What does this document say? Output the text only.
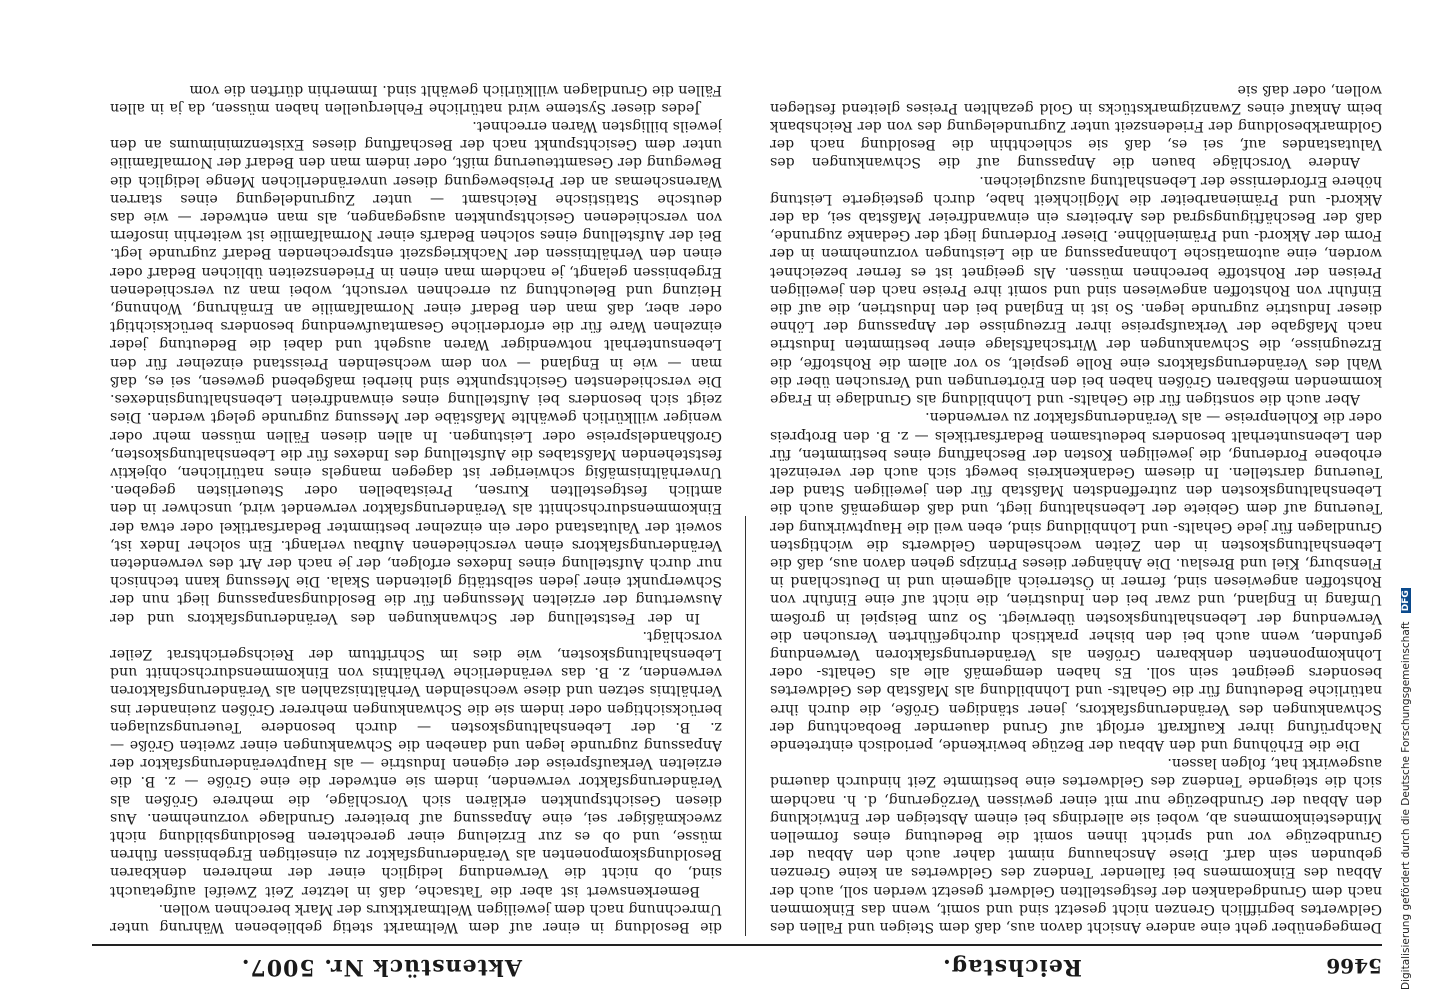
5466
Reichstag.
Aktenstück Nr. 5007.

Demgegenüber geht eine andere Ansicht davon aus, daß dem Steigen und Fallen des Geldwertes begrifflich Grenzen nicht gesetzt sind und somit, wenn das Einkommen nach dem Grundgedanken der festgestellten Geldwert gesetzt werden soll, auch der Abbau des Einkommens bei fallender Tendenz des Geldwertes an keine Grenzen gebunden sein darf. Diese Anschauung nimmt daher auch den Abbau der Grundbezüge vor und spricht ihnen somit die Bedeutung eines formellen Mindesteinkommens ab, wobei sie allerdings bei einem Absteigen der Entwicklung den Abbau der Grundbezüge nur mit einer gewissen Verzögerung, d. h. nachdem sich die steigende Tendenz des Geldwertes eine bestimmte Zeit hindurch dauernd ausgewirkt hat, folgen lassen.

Die die Erhöhung und den Abbau der Bezüge bewirkende, periodisch eintretende Nachprüfung ihrer Kaufkraft erfolgt auf Grund dauernder Beobachtung der Schwankungen des Veränderungsfaktors, jener ständigen Größe, die durch ihre natürliche Bedeutung für die Gehalts- und Lohnbildung als Maßstab des Geldwertes besonders geeignet sein soll. Es haben demgemäß alle als Gehalts- oder Lohnkomponenten denkbaren Größen als Veränderungsfaktoren Verwendung gefunden, wenn auch bei den bisher praktisch durchgeführten Versuchen die Verwendung der Lebenshaltungskosten überwiegt. So zum Beispiel in großem Umfang in England, und zwar bei den Industrien, die nicht auf eine Einfuhr von Rohstoffen angewiesen sind, ferner in Österreich allgemein und in Deutschland in Flensburg, Kiel und Breslau. Die Anhänger dieses Prinzips gehen davon aus, daß die Lebenshaltungskosten in den Zeiten wechselnden Geldwerts die wichtigsten Grundlagen für jede Gehalts- und Lohnbildung sind, eben weil die Hauptwirkung der Teuerung auf dem Gebiete der Lebenshaltung liegt, und daß demgemäß auch die Lebenshaltungskosten den zutreffendsten Maßstab für den jeweiligen Stand der Teuerung darstellen. In diesem Gedankenkreis bewegt sich auch der vereinzelt erhobene Forderung, die jeweiligen Kosten der Beschaffung eines bestimmten, für den Lebensunterhalt besonders bedeutsamen Bedarfsartikels — z. B. den Brotpreis oder die Kohlenpreise — als Veränderungsfaktor zu verwenden.

Aber auch die sonstigen für die Gehalts- und Lohnbildung als Grundlage in Frage kommenden meßbaren Größen haben bei den Erörterungen und Versuchen über die Wahl des Veränderungsfaktors eine Rolle gespielt, so vor allem die Rohstoffe, die Erzeugnisse, die Schwankungen der Wirtschaftslage einer bestimmten Industrie nach Maßgabe der Verkaufspreise ihrer Erzeugnisse der Anpassung der Löhne dieser Industrie zugrunde legen. So ist in England bei den Industrien, die auf die Einfuhr von Rohstoffen angewiesen sind und somit ihre Preise nach den jeweiligen Preisen der Rohstoffe berechnen müssen. Als geeignet ist es ferner bezeichnet worden, eine automatische Lohnanpassung an die Leistungen vorzunehmen in der Form der Akkord- und Prämienlöhne. Dieser Forderung liegt der Gedanke zugrunde, daß der Beschäftigungsgrad des Arbeiters ein einwandfreier Maßstab sei, da der Akkord- und Prämienarbeiter die Möglichkeit habe, durch gesteigerte Leistung höhere Erfordernisse der Lebenshaltung auszugleichen.

Andere Vorschläge bauen die Anpassung auf die Schwankungen des Valutastandes auf, sei es, daß sie schlechthin die Besoldung nach der Goldmarkbesoldung der Friedenszeit unter Zugrundelegung des von der Reichsbank beim Ankauf eines Zwanzigmarkstücks in Gold gezahlten Preises gleitend festlegen wollen, oder daß sie

die Besoldung in einer auf dem Weltmarkt stetig gebliebenen Währung unter Umrechnung nach dem jeweiligen Weltmarktkurs der Mark berechnen wollen.

Bemerkenswert ist aber die Tatsache, daß in letzter Zeit Zweifel aufgetaucht sind, ob nicht die Verwendung lediglich einer der mehreren denkbaren Besoldungskomponenten als Veränderungsfaktor zu einseitigen Ergebnissen führen müsse, und ob es zur Erzielung einer gerechteren Besoldungsbildung nicht zweckmäßiger sei, eine Anpassung auf breiterer Grundlage vorzunehmen. Aus diesen Gesichtspunkten erklären sich Vorschläge, die mehrere Größen als Veränderungsfaktor verwenden, indem sie entweder die eine Größe — z. B. die erzielten Verkaufspreise der eigenen Industrie — als Hauptveränderungsfaktor der Anpassung zugrunde legen und daneben die Schwankungen einer zweiten Größe — z. B. der Lebenshaltungskosten — durch besondere Teuerungszulagen berücksichtigen oder indem sie die Schwankungen mehrerer Größen zueinander ins Verhältnis setzen und diese wechselnden Verhältniszahlen als Veränderungsfaktoren verwenden, z. B. das veränderliche Verhältnis von Einkommensdurchschnitt und Lebenshaltungskosten, wie dies im Schrifttum der Reichsgerichtsrat Zeiler vorschlägt.

In der Feststellung der Schwankungen des Veränderungsfaktors und der Auswertung der erzielten Messungen für die Besoldungsanpassung liegt nun der Schwerpunkt einer jeden selbsttätig gleitenden Skala. Die Messung kann technisch nur durch Aufstellung eines Indexes erfolgen, der je nach der Art des verwendeten Veränderungsfaktors einen verschiedenen Aufbau verlangt. Ein solcher Index ist, soweit der Valutastand oder ein einzelner bestimmter Bedarfsartikel oder etwa der Einkommensdurchschnitt als Veränderungsfaktor verwendet wird, unschwer in den amtlich festgestellten Kursen, Preistabellen oder Steuerlisten gegeben. Unverhältnismäßig schwieriger ist dagegen mangels eines natürlichen, objektiv feststehenden Maßstabes die Aufstellung des Indexes für die Lebenshaltungskosten, Großhandelspreise oder Leistungen. In allen diesen Fällen müssen mehr oder weniger willkürlich gewählte Maßstäbe der Messung zugrunde gelegt werden. Dies zeigt sich besonders bei Aufstellung eines einwandfreien Lebenshaltungsindexes. Die verschiedensten Gesichtspunkte sind hierbei maßgebend gewesen, sei es, daß man — wie in England — von dem wechselnden Preisstand einzelner für den Lebensunterhalt notwendiger Waren ausgeht und dabei die Bedeutung jeder einzelnen Ware für die erforderliche Gesamtaufwendung besonders berücksichtigt oder aber, daß man den Bedarf einer Normalfamilie an Ernährung, Wohnung, Heizung und Beleuchtung zu errechnen versucht, wobei man zu verschiedenen Ergebnissen gelangt, je nachdem man einen in Friedenszeiten üblichen Bedarf oder einen den Verhältnissen der Nachkriegszeit entsprechenden Bedarf zugrunde legt. Bei der Aufstellung eines solchen Bedarfs einer Normalfamilie ist weiterhin insofern von verschiedenen Gesichtspunkten ausgegangen, als man entweder — wie das deutsche Statistische Reichsamt — unter Zugrundelegung eines starren Warenschemas an der Preisbewegung dieser unveränderlichen Menge lediglich die Bewegung der Gesamtteuerung mißt, oder indem man den Bedarf der Normalfamilie unter dem Gesichtspunkt nach der Beschaffung dieses Existenzminimums an den jeweils billigsten Waren errechnet.

Jedes dieser Systeme wird natürliche Fehlerquellen haben müssen, da ja in allen Fällen die Grundlagen willkürlich gewählt sind. Immerhin dürften die vom

Digitalisierung gefördert durch die Deutsche Forschungsgemeinschaft DFG
